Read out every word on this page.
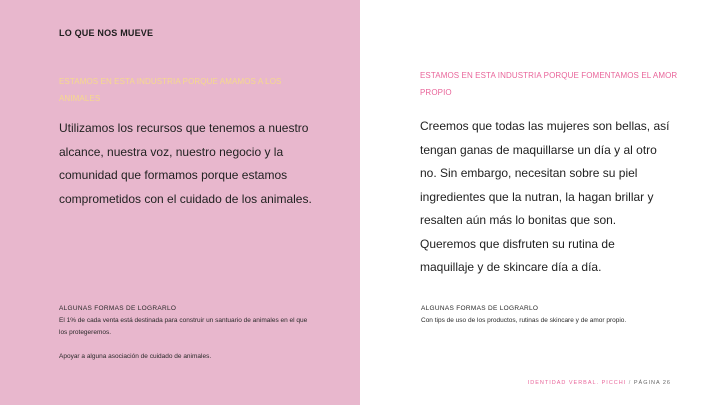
LO QUE NOS MUEVE

ESTAMOS EN ESTA INDUSTRIA PORQUE AMAMOS A LOS ANIMALES

Utilizamos los recursos que tenemos a nuestro alcance, nuestra voz, nuestro negocio y la comunidad que formamos porque estamos comprometidos con el cuidado de los animales.

ALGUNAS FORMAS DE LOGRARLO

El 1% de cada venta está destinada para construir un santuario de animales en el que los protegeremos.

Apoyar a alguna asociación de cuidado de animales.

ESTAMOS EN ESTA INDUSTRIA PORQUE FOMENTAMOS EL AMOR PROPIO

Creemos que todas las mujeres son bellas, así tengan ganas de maquillarse un día y al otro no. Sin embargo, necesitan sobre su piel ingredientes que la nutran, la hagan brillar y resalten aún más lo bonitas que son. Queremos que disfruten su rutina de maquillaje y de skincare día a día.

ALGUNAS FORMAS DE LOGRARLO

Con tips de uso de los productos, rutinas de skincare y de amor propio.

IDENTIDAD VERBAL. PICCHI / PÁGINA 26
